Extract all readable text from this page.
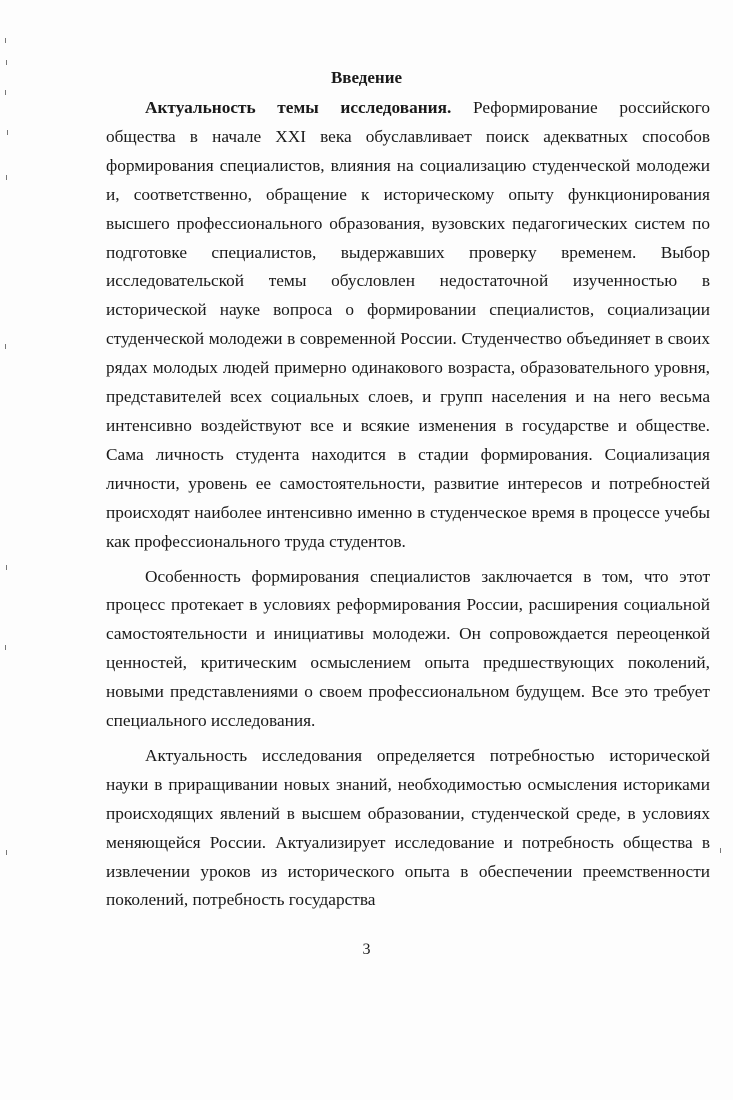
Введение

Актуальность темы исследования. Реформирование российского общества в начале XXI века обуславливает поиск адекватных способов формирования специалистов, влияния на социализацию студенческой молодежи и, соответственно, обращение к историческому опыту функционирования высшего профессионального образования, вузовских педагогических систем по подготовке специалистов, выдержавших проверку временем. Выбор исследовательской темы обусловлен недостаточной изученностью в исторической науке вопроса о формировании специалистов, социализации студенческой молодежи в современной России. Студенчество объединяет в своих рядах молодых людей примерно одинакового возраста, образовательного уровня, представителей всех социальных слоев, и групп населения и на него весьма интенсивно воздействуют все и всякие изменения в государстве и обществе. Сама личность студента находится в стадии формирования. Социализация личности, уровень ее самостоятельности, развитие интересов и потребностей происходят наиболее интенсивно именно в студенческое время в процессе учебы как профессионального труда студентов.

Особенность формирования специалистов заключается в том, что этот процесс протекает в условиях реформирования России, расширения социальной самостоятельности и инициативы молодежи. Он сопровождается переоценкой ценностей, критическим осмыслением опыта предшествующих поколений, новыми представлениями о своем профессиональном будущем. Все это требует специального исследования.

Актуальность исследования определяется потребностью исторической науки в приращивании новых знаний, необходимостью осмысления историками происходящих явлений в высшем образовании, студенческой среде, в условиях меняющейся России. Актуализирует исследование и потребность общества в извлечении уроков из исторического опыта в обеспечении преемственности поколений, потребность государства

3
